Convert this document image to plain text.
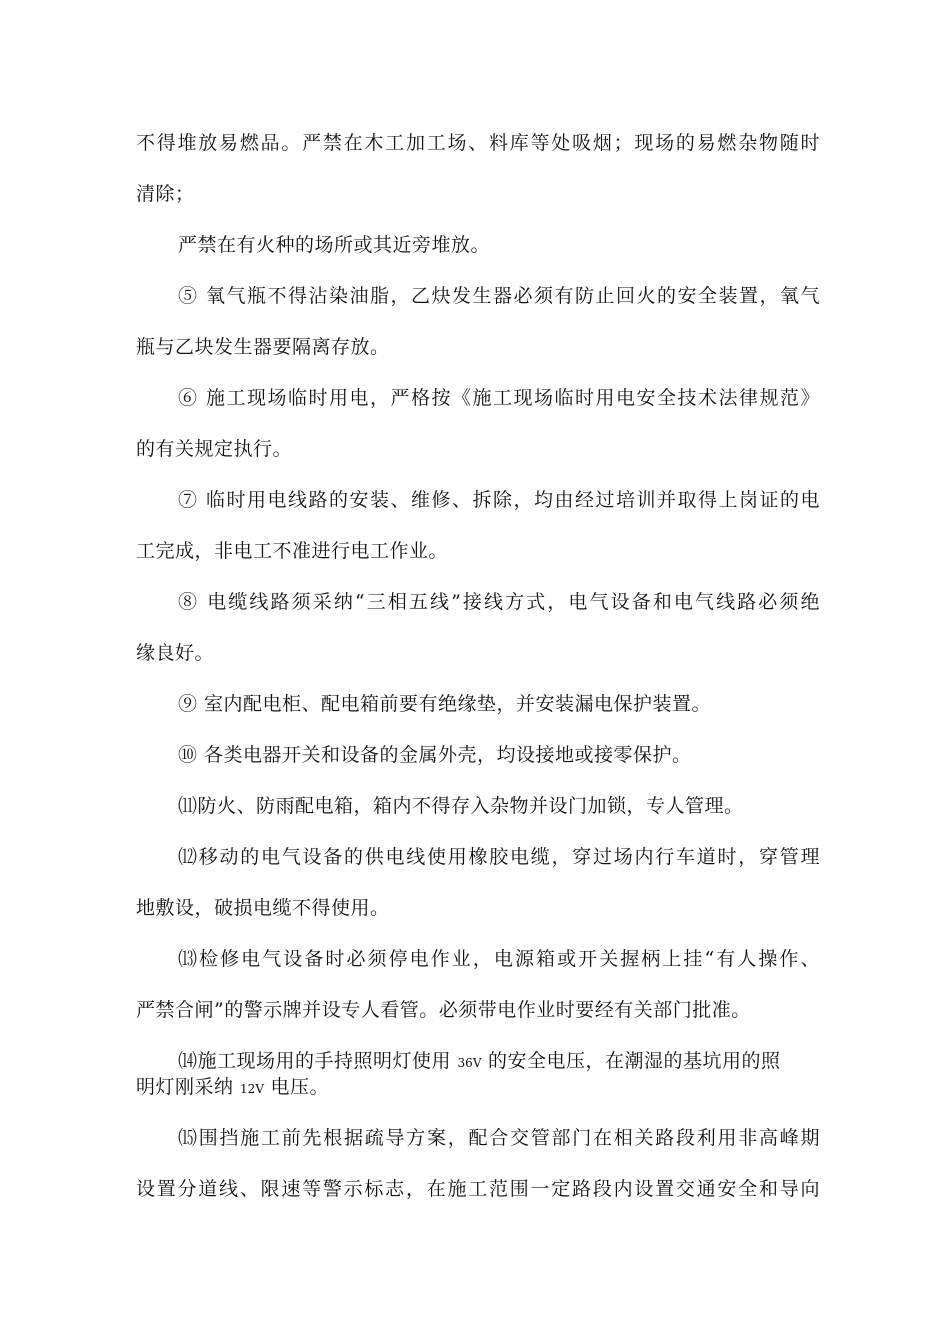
不得堆放易燃品。严禁在木工加工场、料库等处吸烟；现场的易燃杂物随时
清除；
严禁在有火种的场所或其近旁堆放。
⑤ 氧气瓶不得沾染油脂，乙炔发生器必须有防止回火的安全装置，氧气
瓶与乙块发生器要隔离存放。
⑥ 施工现场临时用电，严格按《施工现场临时用电安全技术法律规范》
的有关规定执行。
⑦ 临时用电线路的安装、维修、拆除，均由经过培训并取得上岗证的电
工完成，非电工不准进行电工作业。
⑧ 电缆线路须采纳“三相五线”接线方式，电气设备和电气线路必须绝
缘良好。
⑨ 室内配电柜、配电箱前要有绝缘垫，并安装漏电保护装置。
⑩ 各类电器开关和设备的金属外壳，均设接地或接零保护。
⑾防火、防雨配电箱，箱内不得存入杂物并设门加锁，专人管理。
⑿移动的电气设备的供电线使用橡胶电缆，穿过场内行车道时，穿管理
地敷设，破损电缆不得使用。
⒀检修电气设备时必须停电作业，电源箱或开关握柄上挂“有人操作、
严禁合闸”的警示牌并设专人看管。必须带电作业时要经有关部门批准。
⒁施工现场用的手持照明灯使用 36V 的安全电压，在潮湿的基坑用的照
明灯刚采纳 12V 电压。
⒂围挡施工前先根据疏导方案，配合交管部门在相关路段利用非高峰期
设置分道线、限速等警示标志，在施工范围一定路段内设置交通安全和导向
